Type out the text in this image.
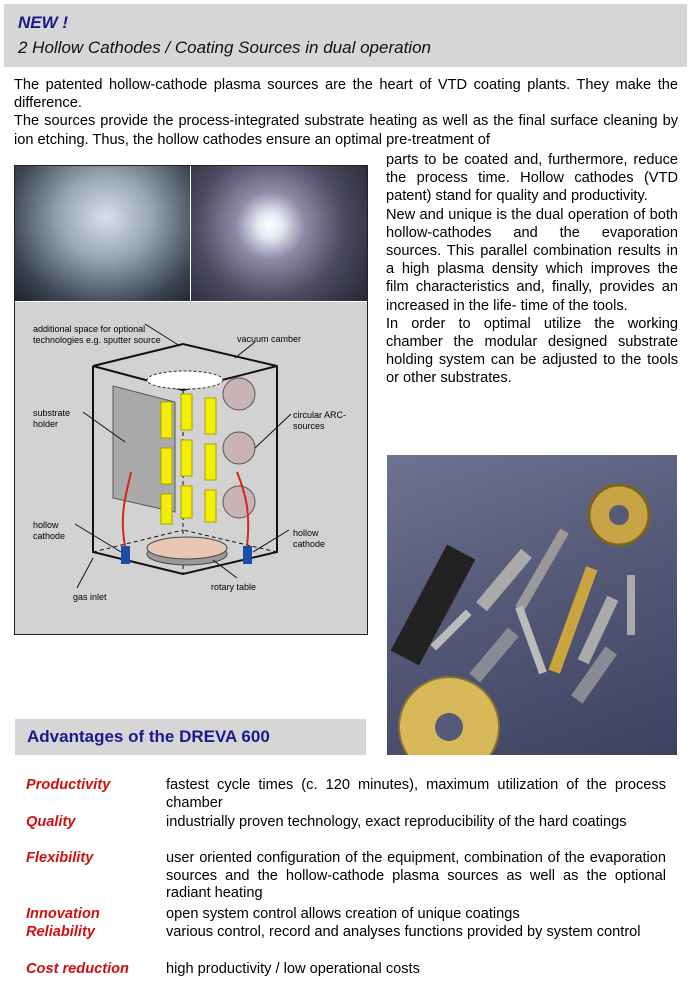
NEW !
2 Hollow Cathodes / Coating Sources in dual operation

The patented hollow-cathode plasma sources are the heart of VTD coating plants. They make the difference.

The sources provide the process-integrated substrate heating as well as the final surface cleaning by ion etching. Thus, the hollow cathodes ensure an optimal pre-treatment of

parts to be coated and, furthermore, reduce the process time. Hollow cathodes (VTD patent) stand for quality and productivity.

New and unique is the dual operation of both hollow-cathodes and the evaporation sources. This parallel combination results in a high plasma density which improves the film characteristics and, finally, provides an increased in the life- time of the tools.

In order to optimal utilize the working chamber the modular designed substrate holding system can be adjusted to the tools or other substrates.

additional space for optional technologies e.g. sputter source	vacuum camber
substrate holder
circular ARC-sources
hollow cathode	hollow cathode
rotary table
gas inlet
Advantages of the DREVA 600
Productivity	fastest cycle times (c. 120 minutes), maximum utilization of the process chamber
Quality	industrially proven technology, exact reproducibility of the hard coatings
Flexibility	user oriented configuration of the equipment, combination of the evaporation sources and the hollow-cathode plasma sources as well as the optional radiant heating
Innovation	open system control allows creation of unique coatings
Reliability	various control, record and analyses functions provided by system control
Cost reduction	high productivity / low operational costs
